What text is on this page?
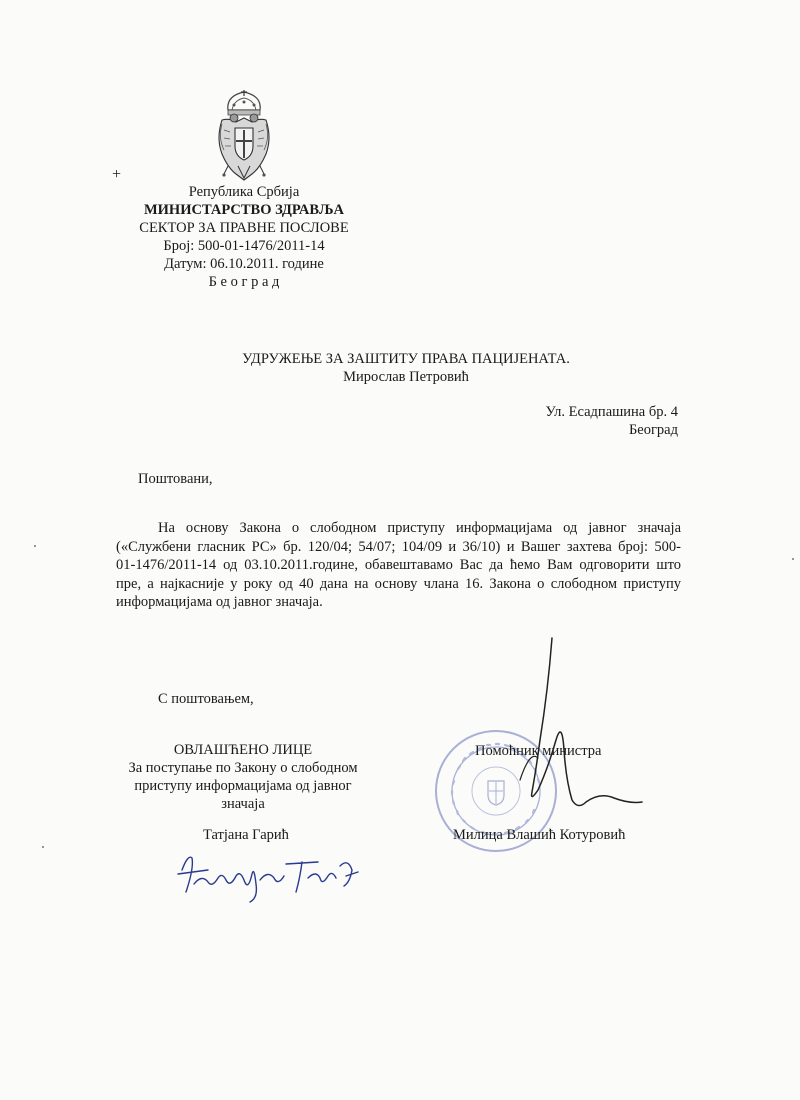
+
Република Србија
МИНИСТАРСТВО ЗДРАВЉА
СЕКТОР ЗА ПРАВНЕ ПОСЛОВЕ
Број: 500-01-1476/2011-14
Датум: 06.10.2011. године
Б е о г р а д
УДРУЖЕЊЕ ЗА ЗАШТИТУ ПРАВА ПАЦИЈЕНАТА.
Мирослав Петровић
Ул. Есадпашина бр. 4
Београд
Поштовани,
На основу Закона о слободном приступу информацијама од јавног значаја
(«Службени гласник РС» бр. 120/04; 54/07; 104/09 и 36/10) и Вашег захтева број: 500-
01-1476/2011-14 од 03.10.2011.године, обавештавамо Вас да ћемо Вам одговорити што
пре, а најкасније у року од 40 дана на основу члана 16. Закона о слободном приступу
информацијама од јавног значаја.
С поштовањем,
ОВЛАШЋЕНО ЛИЦЕ
За поступање по Закону о слободном
приступу информацијама од јавног
значаја
Татјана Гарић
Помоћник министра
Милица Влашић Котуровић
